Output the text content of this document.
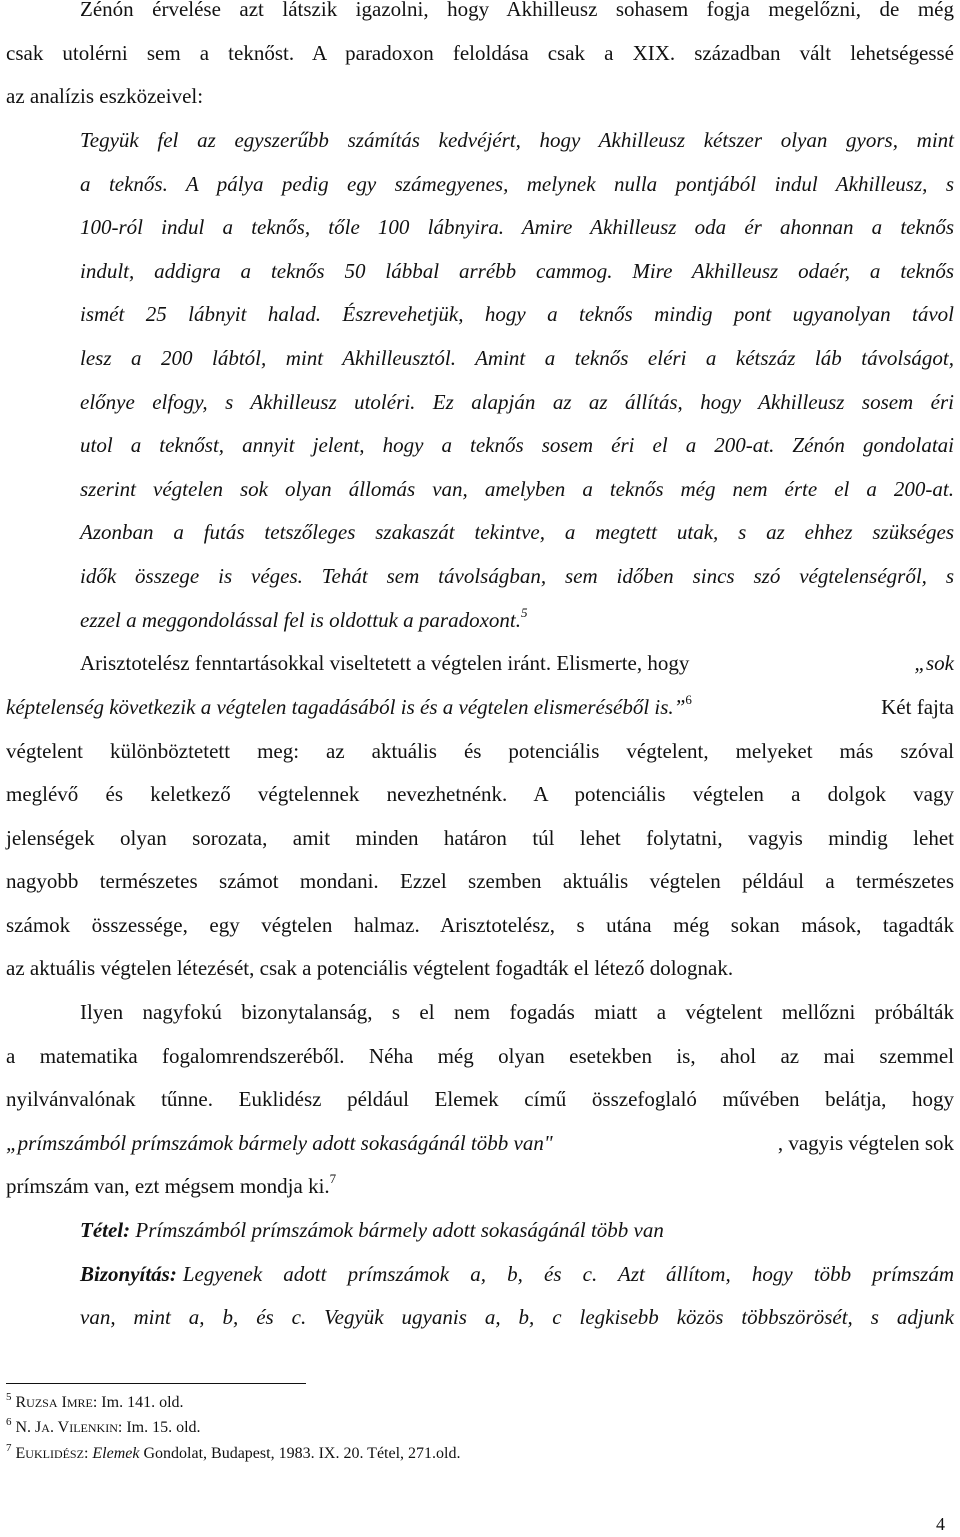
Zénón érvelése azt látszik igazolni, hogy Akhilleusz sohasem fogja megelőzni, de még
csak utolérni sem a teknőst. A paradoxon feloldása csak a XIX. században vált lehetségessé
az analízis eszközeivel:
Tegyük fel az egyszerűbb számítás kedvéjért, hogy Akhilleusz kétszer olyan gyors, mint
a teknős. A pálya pedig egy számegyenes, melynek nulla pontjából indul Akhilleusz, s
100-ról indul a teknős, tőle 100 lábnyira. Amire Akhilleusz oda ér ahonnan a teknős
indult, addigra a teknős 50 lábbal arrébb cammog. Mire Akhilleusz odaér, a teknős
ismét 25 lábnyit halad. Észrevehetjük, hogy a teknős mindig pont ugyanolyan távol
lesz a 200 lábtól, mint Akhilleusztól. Amint a teknős eléri a kétszáz láb távolságot,
előnye elfogy, s Akhilleusz utoléri. Ez alapján az az állítás, hogy Akhilleusz sosem éri
utol a teknőst, annyit jelent, hogy a teknős sosem éri el a 200-at. Zénón gondolatai
szerint végtelen sok olyan állomás van, amelyben a teknős még nem érte el a 200-at.
Azonban a futás tetszőleges szakaszát tekintve, a megtett utak, s az ehhez szükséges
idők összege is véges. Tehát sem távolságban, sem időben sincs szó végtelenségről, s
ezzel a meggondolással fel is oldottuk a paradoxont.$^5$
Arisztotelész fenntartásokkal viseltetett a végtelen iránt. Elismerte, hogy	„sok
képtelenség következik a végtelen tagadásából is és a végtelen elismeréséből is.”$^6$	Két fajta
végtelent különböztetett meg: az aktuális és potenciális végtelent, melyeket más szóval
meglévő és keletkező végtelennek nevezhetnénk. A potenciális végtelen a dolgok vagy
jelenségek olyan sorozata, amit minden határon túl lehet folytatni, vagyis mindig lehet
nagyobb természetes számot mondani. Ezzel szemben aktuális végtelen például a természetes
számok összessége, egy végtelen halmaz. Arisztotelész, s utána még sokan mások, tagadták
az aktuális végtelen létezését, csak a potenciális végtelent fogadták el létező dolognak.
Ilyen nagyfokú bizonytalanság, s el nem fogadás miatt a végtelent mellőzni próbálták
a matematika fogalomrendszeréből. Néha még olyan esetekben is, ahol az mai szemmel
nyilvánvalónak tűnne. Euklidész például Elemek című összefoglaló művében belátja, hogy
„prímszámból prímszámok bármely adott sokaságánál több van"	, vagyis végtelen sok
prímszám van, ezt mégsem mondja ki.$^7$
Tétel: Prímszámból prímszámok bármely adott sokaságánál több van
Bizonyítás: Legyenek adott prímszámok a, b, és c. Azt állítom, hogy több prímszám
van, mint a, b, és c. Vegyük ugyanis a, b, c legkisebb közös többszörösét, s adjunk
$^5$ RUZSA IMRE: Im. 141. old.
$^6$ N. JA. VILENKIN: Im. 15. old.
$^7$ EUKLIDÉSZ: Elemek Gondolat, Budapest, 1983. IX. 20. Tétel, 271.old.
4
